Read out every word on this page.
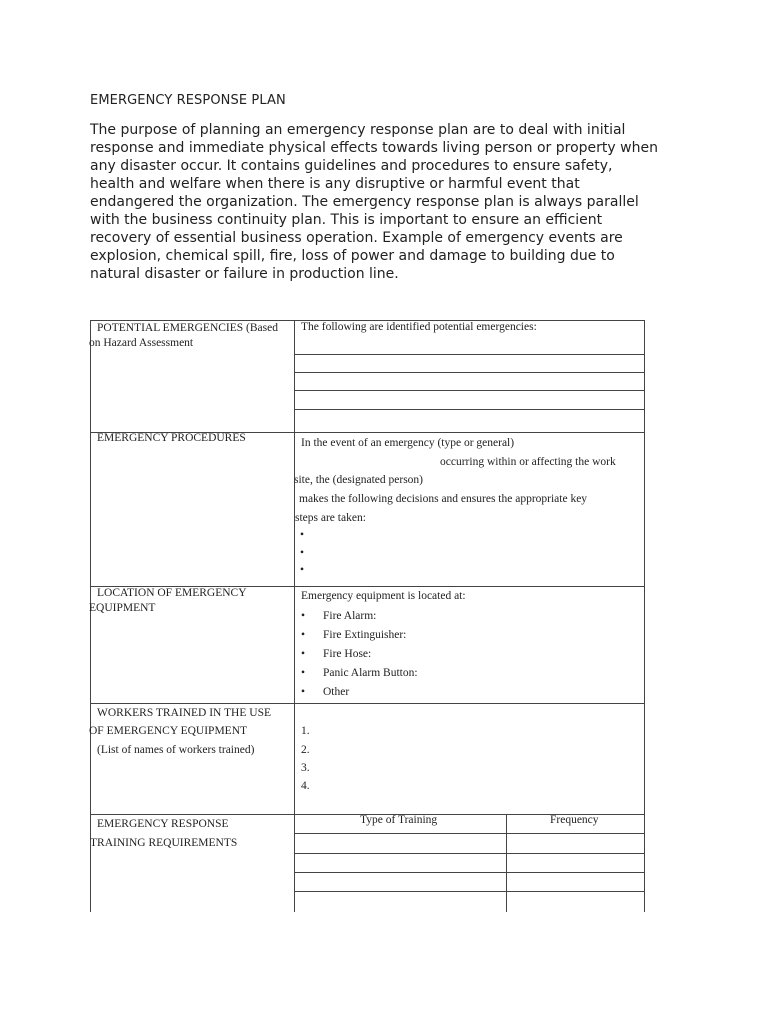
EMERGENCY RESPONSE PLAN

The purpose of planning an emergency response plan are to deal with initial response and immediate physical effects towards living person or property when any disaster occur. It contains guidelines and procedures to ensure safety, health and welfare when there is any disruptive or harmful event that endangered the organization. The emergency response plan is always parallel with the business continuity plan. This is important to ensure an efficient recovery of essential business operation. Example of emergency events are explosion, chemical spill, fire, loss of power and damage to building due to natural disaster or failure in production line.

POTENTIAL EMERGENCIES (Based
on Hazard Assessment
The following are identified potential emergencies:
EMERGENCY PROCEDURES	In the event of an emergency (type or general)
occurring within or affecting the work
site, the (designated person)
makes the following decisions and ensures the appropriate key
steps are taken:
•
•
•
LOCATION OF EMERGENCY
EQUIPMENT
Emergency equipment is located at:
• Fire Alarm:
• Fire Extinguisher:
• Fire Hose:
• Panic Alarm Button:
• Other
WORKERS TRAINED IN THE USE
OF EMERGENCY EQUIPMENT
(List of names of workers trained)
1.
2.
3.
4.
EMERGENCY RESPONSE
TRAINING REQUIREMENTS
Type of Training	Frequency
